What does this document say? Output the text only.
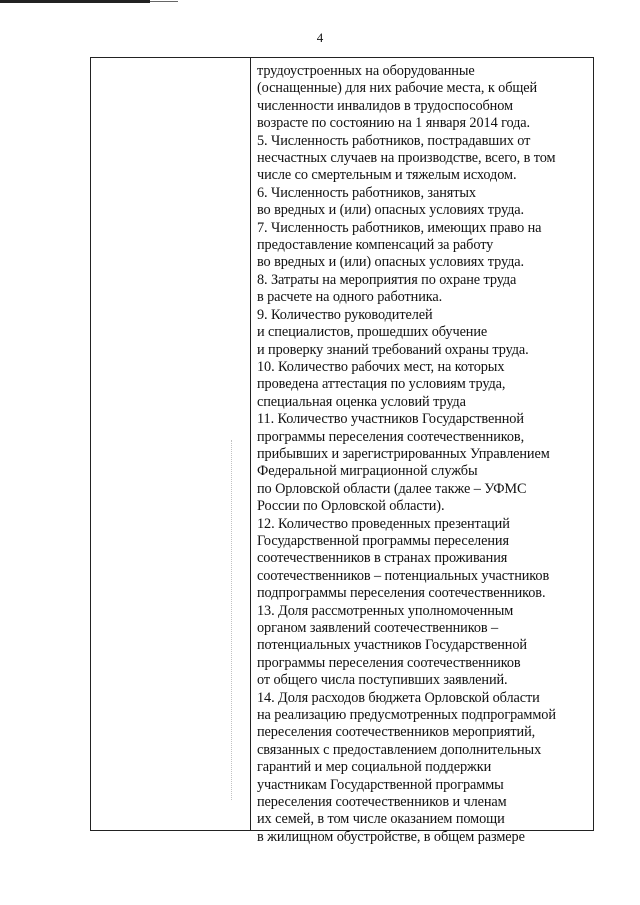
4
трудоустроенных на оборудованные
(оснащенные) для них рабочие места, к общей
численности инвалидов в трудоспособном
возрасте по состоянию на 1 января 2014 года.
5. Численность работников, пострадавших от
несчастных случаев на производстве, всего, в том
числе со смертельным и тяжелым исходом.
6. Численность работников, занятых
во вредных и (или) опасных условиях труда.
7. Численность работников, имеющих право на
предоставление компенсаций за работу
во вредных и (или) опасных условиях труда.
8. Затраты на мероприятия по охране труда
в расчете на одного работника.
9. Количество руководителей
и специалистов, прошедших обучение
и проверку знаний требований охраны труда.
10. Количество рабочих мест, на которых
проведена аттестация по условиям труда,
специальная оценка условий труда
11. Количество участников Государственной
программы переселения соотечественников,
прибывших и зарегистрированных Управлением
Федеральной миграционной службы
по Орловской области (далее также – УФМС
России по Орловской области).
12. Количество проведенных презентаций
Государственной программы переселения
соотечественников в странах проживания
соотечественников – потенциальных участников
подпрограммы переселения соотечественников.
13. Доля рассмотренных уполномоченным
органом заявлений соотечественников –
потенциальных участников Государственной
программы переселения соотечественников
от общего числа поступивших заявлений.
14. Доля расходов бюджета Орловской области
на реализацию предусмотренных подпрограммой
переселения соотечественников мероприятий,
связанных с предоставлением дополнительных
гарантий и мер социальной поддержки
участникам Государственной программы
переселения соотечественников и членам
их семей, в том числе оказанием помощи
в жилищном обустройстве, в общем размере
